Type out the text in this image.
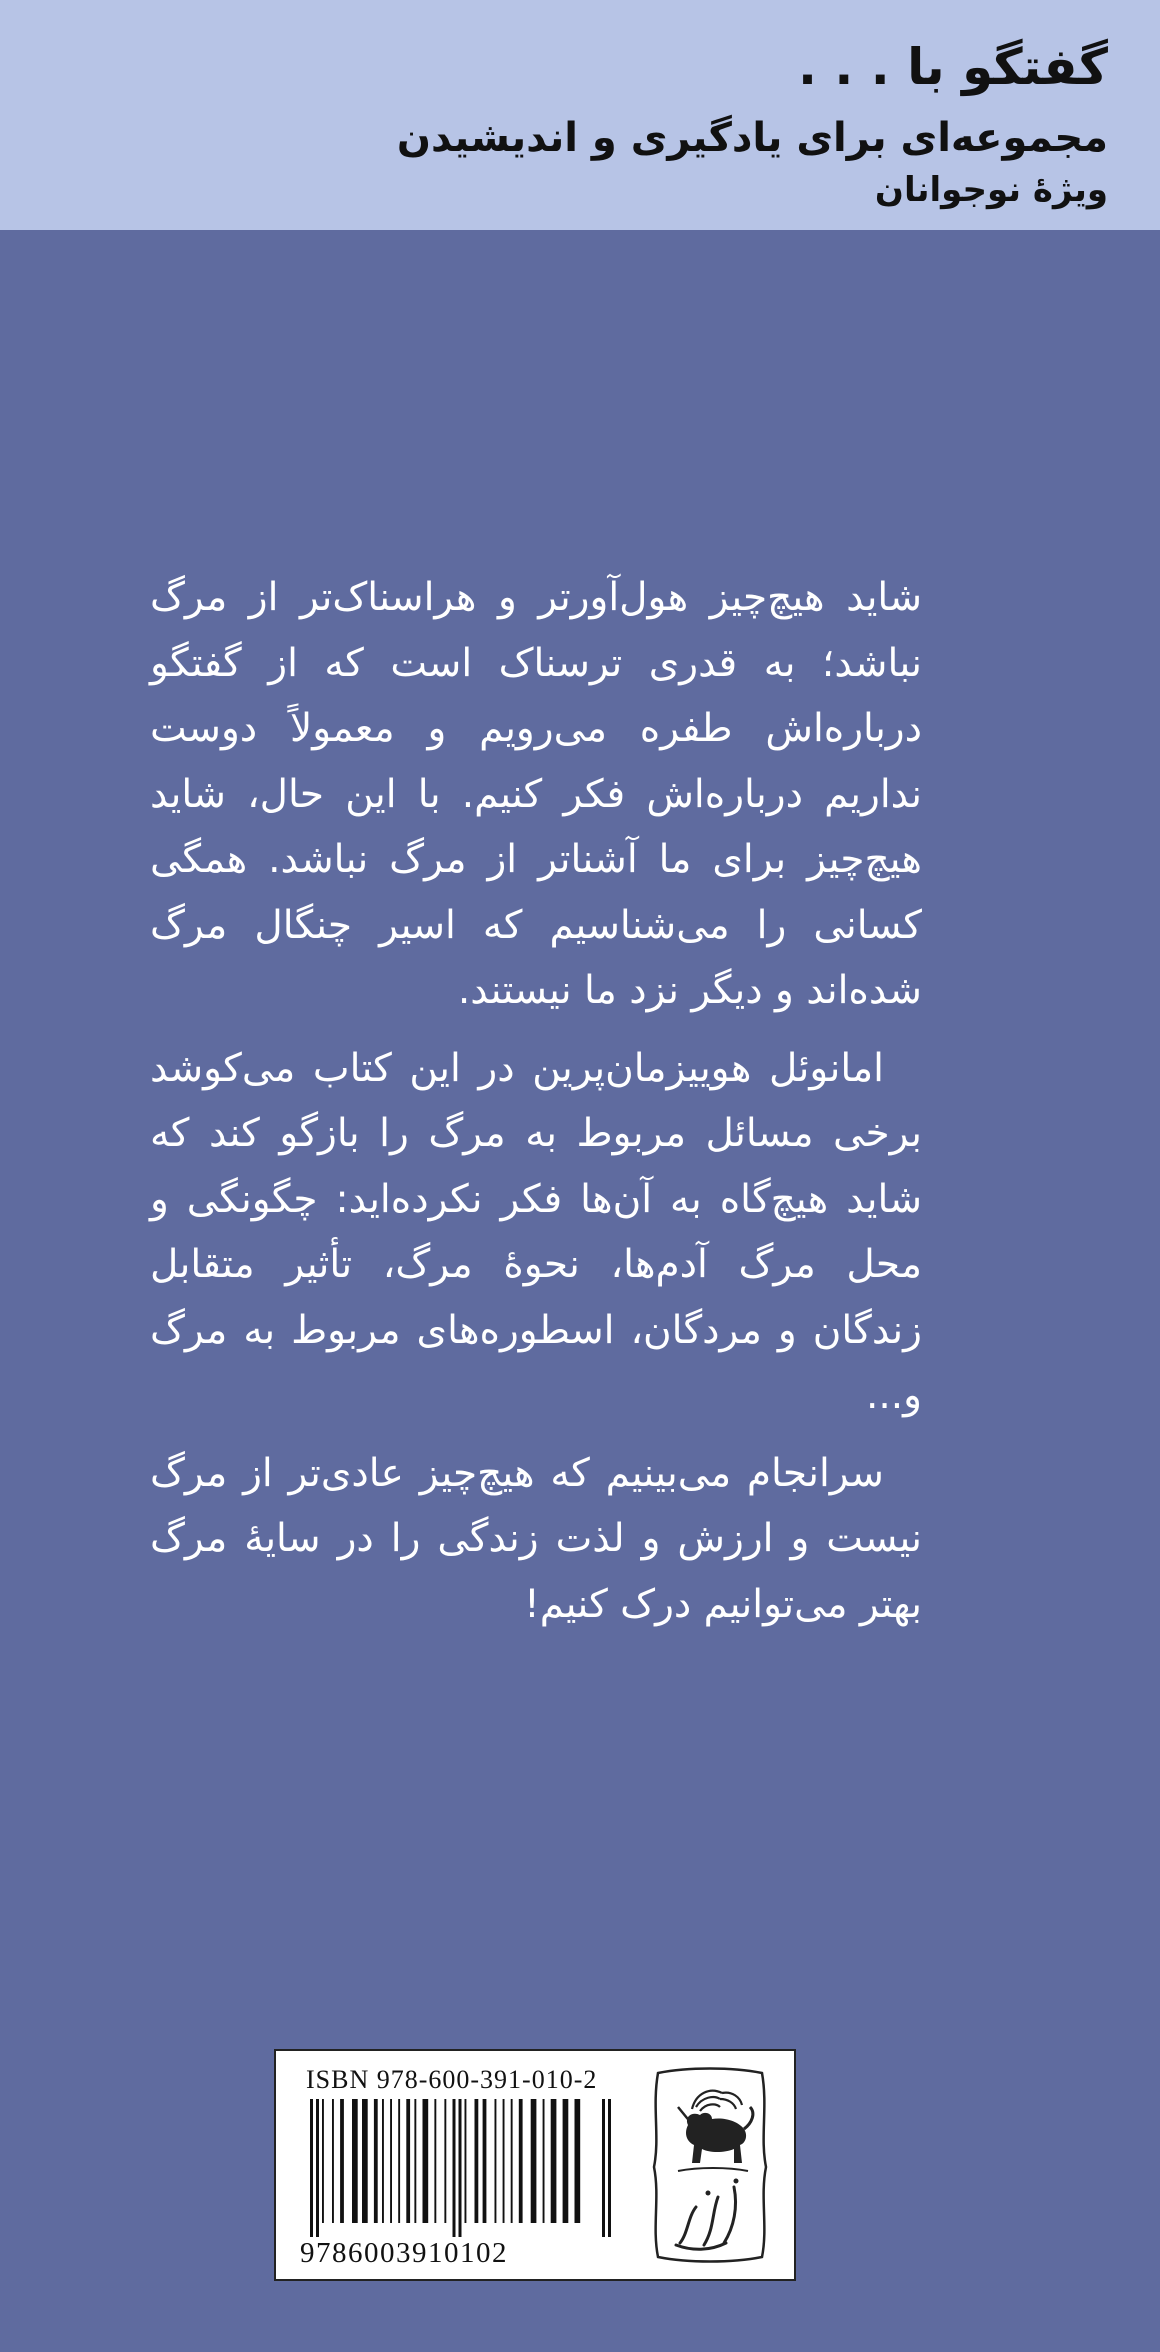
گفتگو با . . .
مجموعه‌ای برای یادگیری و اندیشیدن
ویژهٔ نوجوانان

شاید هیچ‌چیز هول‌آورتر و هراسناک‌تر از مرگ نباشد؛ به قدری ترسناک است که از گفتگو درباره‌اش طفره می‌رویم و معمولاً دوست نداریم درباره‌اش فکر کنیم. با این حال، شاید هیچ‌چیز برای ما آشناتر از مرگ نباشد. همگی کسانی را می‌شناسیم که اسیر چنگال مرگ شده‌اند و دیگر نزد ما نیستند.

امانوئل هوییزمان‌پرین در این کتاب می‌کوشد برخی مسائل مربوط به مرگ را بازگو کند که شاید هیچ‌گاه به آن‌ها فکر نکرده‌اید: چگونگی و محل مرگ آدم‌ها، نحوهٔ مرگ، تأثیر متقابل زندگان و مردگان، اسطوره‌های مربوط به مرگ و...

سرانجام می‌بینیم که هیچ‌چیز عادی‌تر از مرگ نیست و ارزش و لذت زندگی را در سایهٔ مرگ بهتر می‌توانیم درک کنیم!

ISBN 978-600-391-010-2
9786003910102
